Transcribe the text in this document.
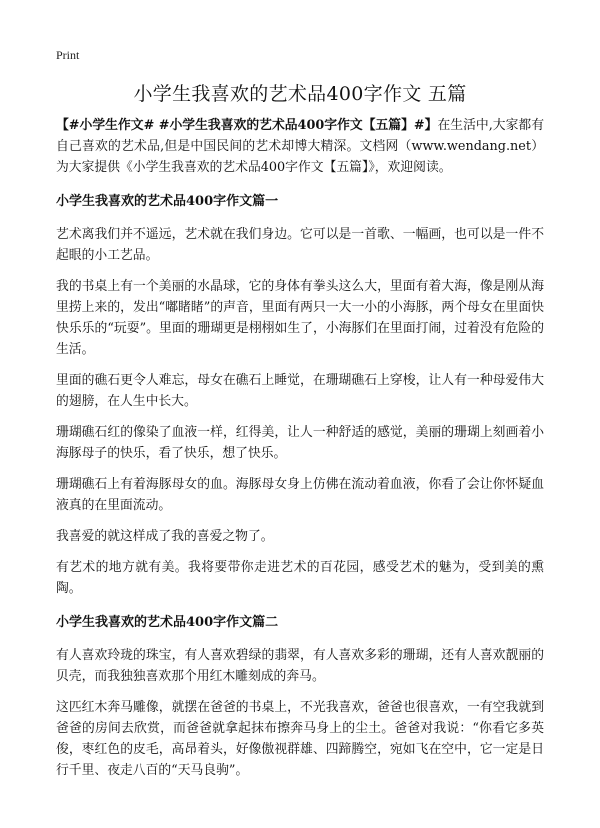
Print
小学生我喜欢的艺术品400字作文 五篇

【#小学生作文# #小学生我喜欢的艺术品400字作文【五篇】#】在生活中,大家都有自己喜欢的艺术品,但是中国民间的艺术却博大精深。文档网（www.wendang.net）为大家提供《小学生我喜欢的艺术品400字作文【五篇】》，欢迎阅读。

小学生我喜欢的艺术品400字作文篇一

艺术离我们并不遥远，艺术就在我们身边。它可以是一首歌、一幅画，也可以是一件不起眼的小工艺品。

我的书桌上有一个美丽的水晶球，它的身体有拳头这么大，里面有着大海，像是刚从海里捞上来的，发出“嘟睹睹”的声音，里面有两只一大一小的小海豚，两个母女在里面快快乐乐的“玩耍”。里面的珊瑚更是栩栩如生了，小海豚们在里面打闹，过着没有危险的生活。

里面的礁石更令人难忘，母女在礁石上睡觉，在珊瑚礁石上穿梭，让人有一种母爱伟大的翅膀，在人生中长大。

珊瑚礁石红的像染了血液一样，红得美，让人一种舒适的感觉，美丽的珊瑚上刻画着小海豚母子的快乐，看了快乐，想了快乐。

珊瑚礁石上有着海豚母女的血。海豚母女身上仿佛在流动着血液，你看了会让你怀疑血液真的在里面流动。

我喜爱的就这样成了我的喜爱之物了。

有艺术的地方就有美。我将要带你走进艺术的百花园，感受艺术的魅为，受到美的熏陶。

小学生我喜欢的艺术品400字作文篇二

有人喜欢玲珑的珠宝，有人喜欢碧绿的翡翠，有人喜欢多彩的珊瑚，还有人喜欢靓丽的贝壳，而我独独喜欢那个用红木雕刻成的奔马。

这匹红木奔马雕像，就摆在爸爸的书桌上，不光我喜欢，爸爸也很喜欢，一有空我就到爸爸的房间去欣赏，而爸爸就拿起抹布擦奔马身上的尘土。爸爸对我说：“你看它多英俊，枣红色的皮毛，高昂着头，好像傲视群雄、四蹄腾空，宛如飞在空中，它一定是日行千里、夜走八百的“天马良驹”。
